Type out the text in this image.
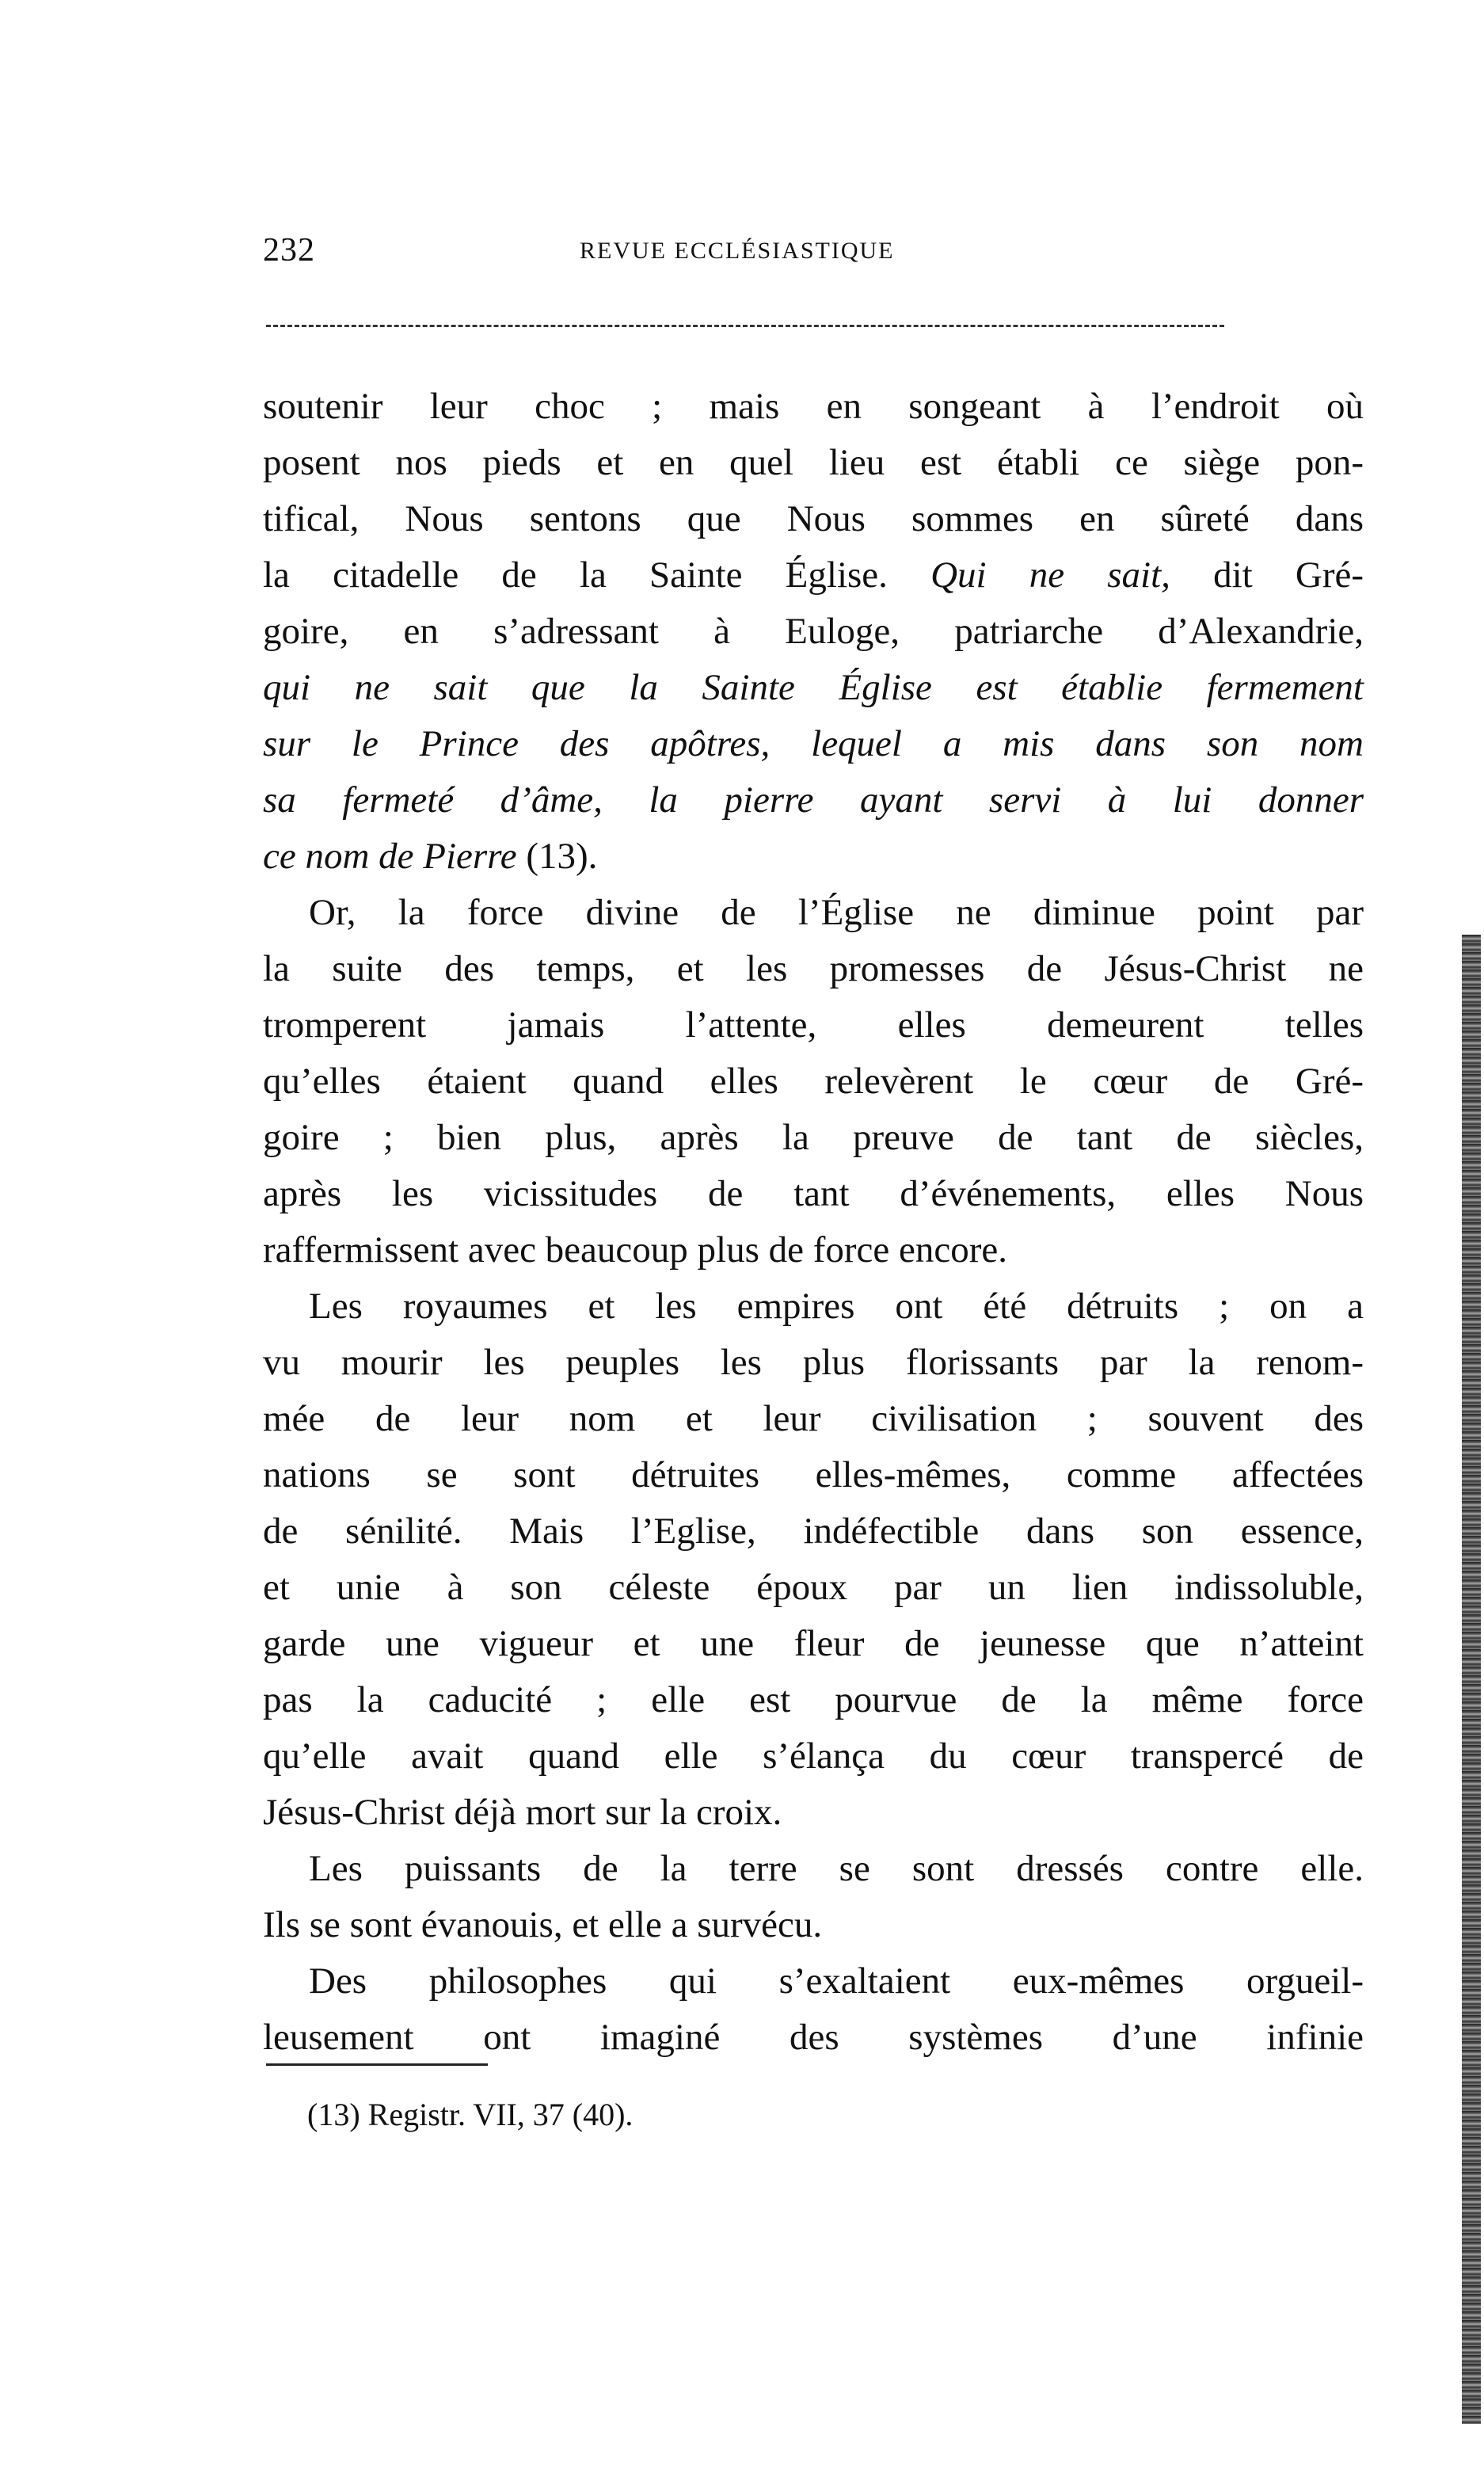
232	REVUE ECCLÉSIASTIQUE
soutenir leur choc ; mais en songeant à l’endroit où
posent nos pieds et en quel lieu est établi ce siège pon-
tifical, Nous sentons que Nous sommes en sûreté dans
la citadelle de la Sainte Église. Qui ne sait, dit Gré-
goire, en s’adressant à Euloge, patriarche d’Alexandrie,
qui ne sait que la Sainte Église est établie fermement
sur le Prince des apôtres, lequel a mis dans son nom
sa fermeté d’âme, la pierre ayant servi à lui donner
ce nom de Pierre (13).
Or, la force divine de l’Église ne diminue point par
la suite des temps, et les promesses de Jésus-Christ ne
tromperent jamais l’attente, elles demeurent telles
qu’elles étaient quand elles relevèrent le cœur de Gré-
goire ; bien plus, après la preuve de tant de siècles,
après les vicissitudes de tant d’événements, elles Nous
raffermissent avec beaucoup plus de force encore.
Les royaumes et les empires ont été détruits ; on a
vu mourir les peuples les plus florissants par la renom-
mée de leur nom et leur civilisation ; souvent des
nations se sont détruites elles-mêmes, comme affectées
de sénilité. Mais l’Eglise, indéfectible dans son essence,
et unie à son céleste époux par un lien indissoluble,
garde une vigueur et une fleur de jeunesse que n’atteint
pas la caducité ; elle est pourvue de la même force
qu’elle avait quand elle s’élança du cœur transpercé de
Jésus-Christ déjà mort sur la croix.
Les puissants de la terre se sont dressés contre elle.
Ils se sont évanouis, et elle a survécu.
Des philosophes qui s’exaltaient eux-mêmes orgueil-
leusement ont imaginé des systèmes d’une infinie
(13) Registr. VII, 37 (40).
